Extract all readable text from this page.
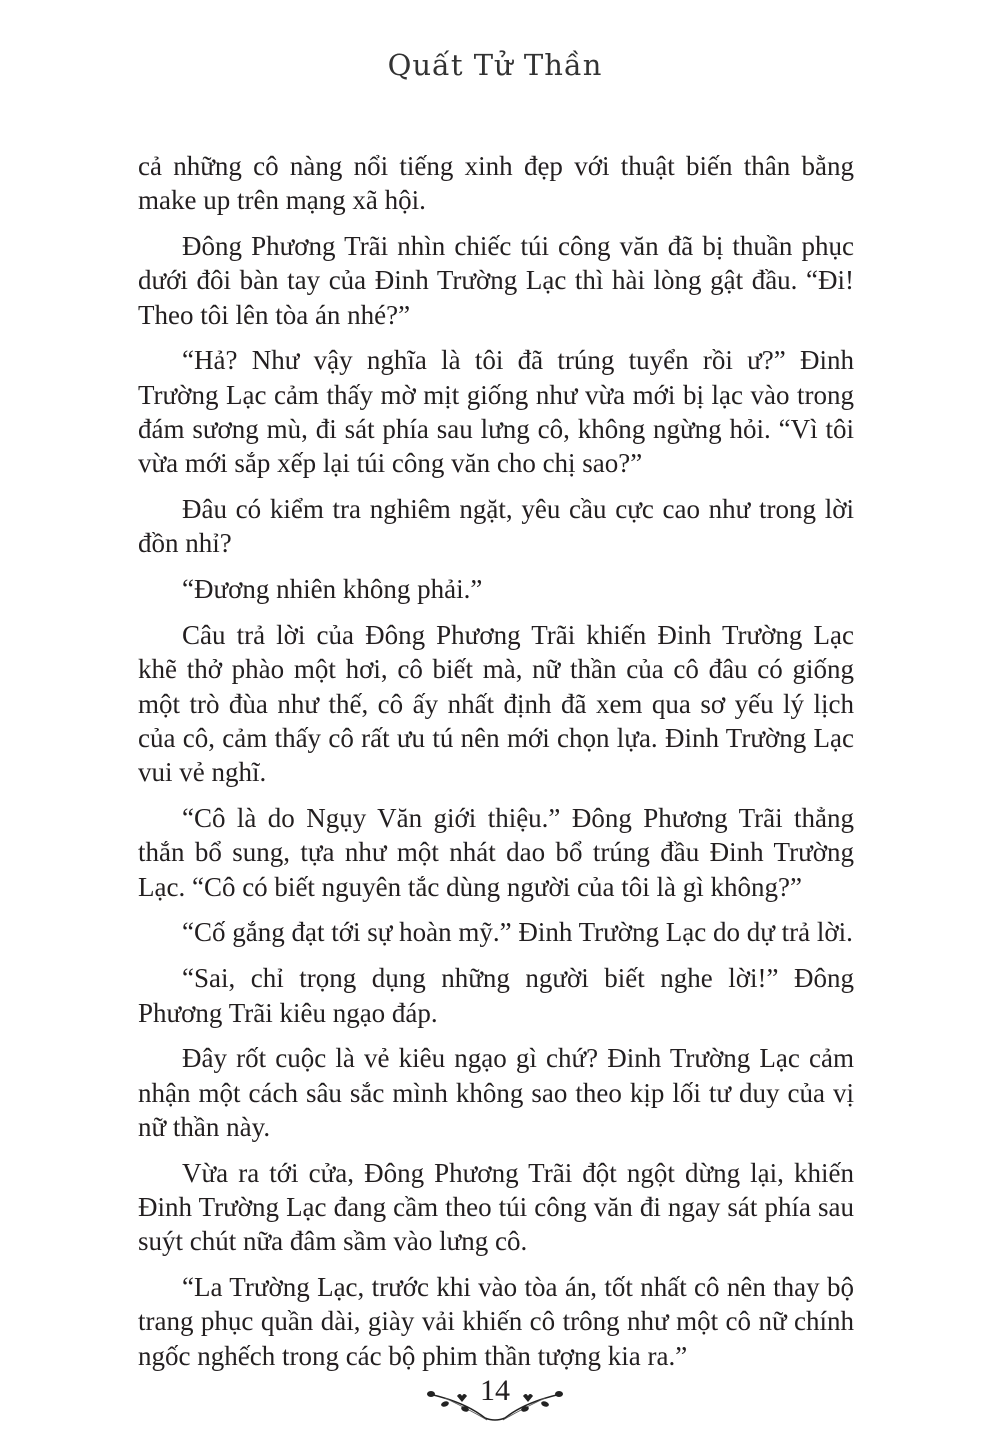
Quất Tử Thần

cả những cô nàng nổi tiếng xinh đẹp với thuật biến thân bằng make up trên mạng xã hội.

Đông Phương Trãi nhìn chiếc túi công văn đã bị thuần phục dưới đôi bàn tay của Đinh Trường Lạc thì hài lòng gật đầu. “Đi! Theo tôi lên tòa án nhé?”

“Hả? Như vậy nghĩa là tôi đã trúng tuyển rồi ư?” Đinh Trường Lạc cảm thấy mờ mịt giống như vừa mới bị lạc vào trong đám sương mù, đi sát phía sau lưng cô, không ngừng hỏi. “Vì tôi vừa mới sắp xếp lại túi công văn cho chị sao?”

Đâu có kiểm tra nghiêm ngặt, yêu cầu cực cao như trong lời đồn nhỉ?

“Đương nhiên không phải.”

Câu trả lời của Đông Phương Trãi khiến Đinh Trường Lạc khẽ thở phào một hơi, cô biết mà, nữ thần của cô đâu có giống một trò đùa như thế, cô ấy nhất định đã xem qua sơ yếu lý lịch của cô, cảm thấy cô rất ưu tú nên mới chọn lựa. Đinh Trường Lạc vui vẻ nghĩ.

“Cô là do Ngụy Văn giới thiệu.” Đông Phương Trãi thẳng thắn bổ sung, tựa như một nhát dao bổ trúng đầu Đinh Trường Lạc. “Cô có biết nguyên tắc dùng người của tôi là gì không?”

“Cố gắng đạt tới sự hoàn mỹ.” Đinh Trường Lạc do dự trả lời.

“Sai, chỉ trọng dụng những người biết nghe lời!” Đông Phương Trãi kiêu ngạo đáp.

Đây rốt cuộc là vẻ kiêu ngạo gì chứ? Đinh Trường Lạc cảm nhận một cách sâu sắc mình không sao theo kịp lối tư duy của vị nữ thần này.

Vừa ra tới cửa, Đông Phương Trãi đột ngột dừng lại, khiến Đinh Trường Lạc đang cầm theo túi công văn đi ngay sát phía sau suýt chút nữa đâm sầm vào lưng cô.

“La Trường Lạc, trước khi vào tòa án, tốt nhất cô nên thay bộ trang phục quần dài, giày vải khiến cô trông như một cô nữ chính ngốc nghếch trong các bộ phim thần tượng kia ra.”

14
